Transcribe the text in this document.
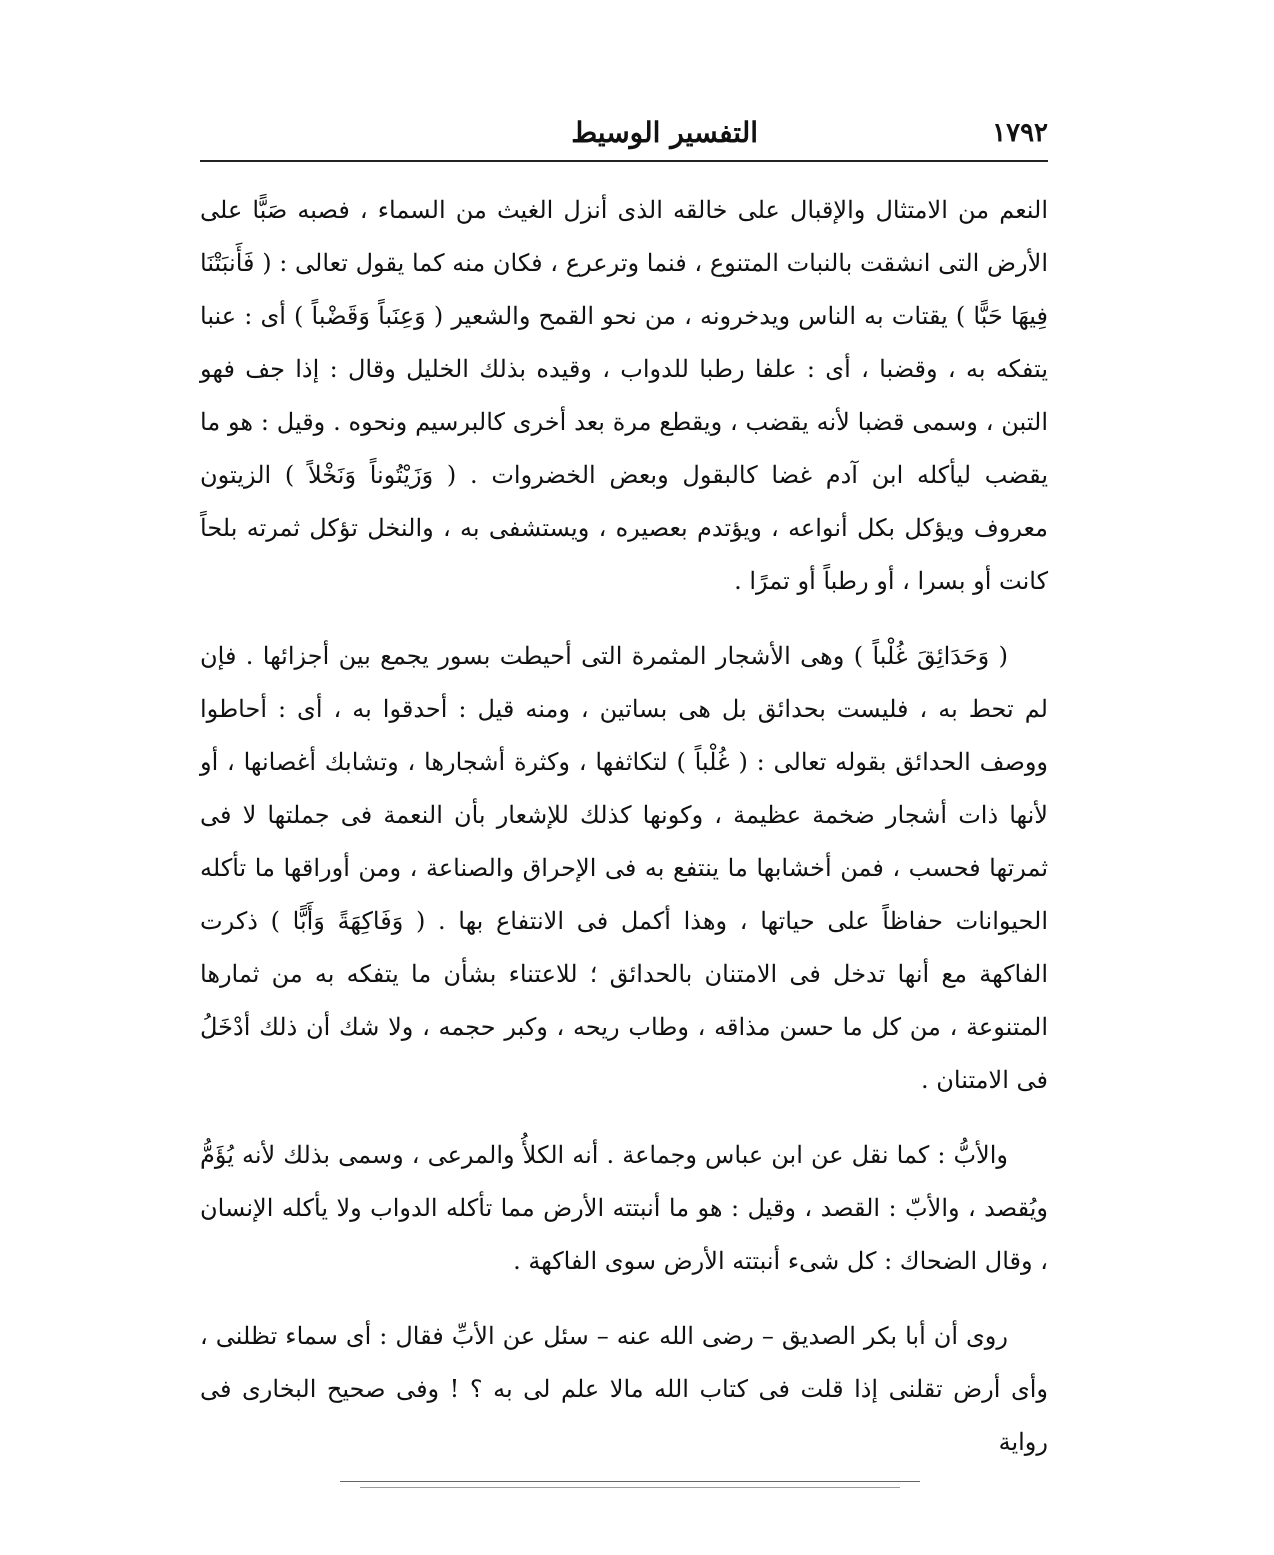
١٧٩٢
التفسير الوسيط

النعم من الامتثال والإقبال على خالقه الذى أنزل الغيث من السماء ، فصبه صَبًّا على الأرض التى انشقت بالنبات المتنوع ، فنما وترعرع ، فكان منه كما يقول تعالى : ( فَأَنبَتْنَا فِيهَا حَبًّا ) يقتات به الناس ويدخرونه ، من نحو القمح والشعير ( وَعِنَباً وَقَضْباً ) أى : عنبا يتفكه به ، وقضبا ، أى : علفا رطبا للدواب ، وقيده بذلك الخليل وقال : إذا جف فهو التبن ، وسمى قضبا لأنه يقضب ، ويقطع مرة بعد أخرى كالبرسيم ونحوه . وقيل : هو ما يقضب ليأكله ابن آدم غضا كالبقول وبعض الخضروات . ( وَزَيْتُوناً وَنَخْلاً ) الزيتون معروف ويؤكل بكل أنواعه ، ويؤتدم بعصيره ، ويستشفى به ، والنخل تؤكل ثمرته بلحاً كانت أو بسرا ، أو رطباً أو تمرًا .

( وَحَدَائِقَ غُلْباً ) وهى الأشجار المثمرة التى أحيطت بسور يجمع بين أجزائها . فإن لم تحط به ، فليست بحدائق بل هى بساتين ، ومنه قيل : أحدقوا به ، أى : أحاطوا ووصف الحدائق بقوله تعالى : ( غُلْباً ) لتكاثفها ، وكثرة أشجارها ، وتشابك أغصانها ، أو لأنها ذات أشجار ضخمة عظيمة ، وكونها كذلك للإشعار بأن النعمة فى جملتها لا فى ثمرتها فحسب ، فمن أخشابها ما ينتفع به فى الإحراق والصناعة ، ومن أوراقها ما تأكله الحيوانات حفاظاً على حياتها ، وهذا أكمل فى الانتفاع بها . ( وَفَاكِهَةً وَأَبًّا ) ذكرت الفاكهة مع أنها تدخل فى الامتنان بالحدائق ؛ للاعتناء بشأن ما يتفكه به من ثمارها المتنوعة ، من كل ما حسن مذاقه ، وطاب ريحه ، وكبر حجمه ، ولا شك أن ذلك أدْخَلُ فى الامتنان .

والأبُّ : كما نقل عن ابن عباس وجماعة . أنه الكلأُ والمرعى ، وسمى بذلك لأنه يُؤَمُّ ويُقصد ، والأبّ : القصد ، وقيل : هو ما أنبتته الأرض مما تأكله الدواب ولا يأكله الإنسان ، وقال الضحاك : كل شىء أنبتته الأرض سوى الفاكهة .

روى أن أبا بكر الصديق – رضى الله عنه – سئل عن الأبِّ فقال : أى سماء تظلنى ، وأى أرض تقلنى إذا قلت فى كتاب الله مالا علم لى به ؟ ! وفى صحيح البخارى فى رواية
